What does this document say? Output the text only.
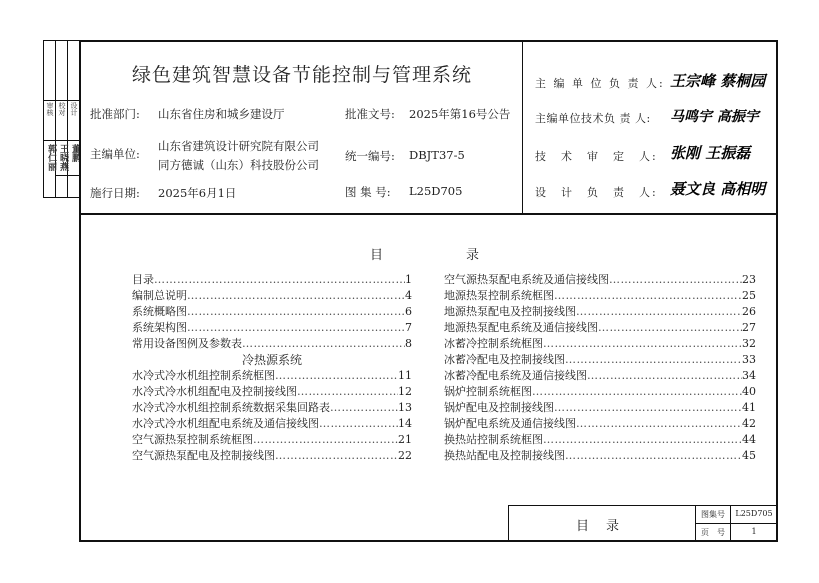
审核 校对 设计
郭仁丽 王晓燕 董鹏
绿色建筑智慧设备节能控制与管理系统
批准部门: 山东省住房和城乡建设厅	批准文号: 2025年第16号公告
主编单位:
山东省建筑设计研究院有限公司
同方德诚（山东）科技股份公司
统一编号: DBJT37-5
施行日期: 2025年6月1日	图 集 号: L25D705
主 编 单 位 负 责 人: 王宗峰 蔡桐园
主编单位技术负 责 人: 马鸣宇 高振宇
技　术　审　定　人: 张刚 王振磊
设　计　负　责　人: 聂文良 高相明
目	录
目录 ……………………………………………………………………………………………………	1
编制总说明 ……………………………………………………………………………………………………	4
系统概略图 ……………………………………………………………………………………………………	6
系统架构图 ……………………………………………………………………………………………………	7
常用设备图例及参数表 ……………………………………………………………………………………………………	8
冷热源系统
水冷式冷水机组控制系统框图 ……………………………………………………………………………………………………	11
水冷式冷水机组配电及控制接线图 ……………………………………………………………………………………………………	12
水冷式冷水机组控制系统数据采集回路表 ……………………………………………………………………………………………………	13
水冷式冷水机组配电系统及通信接线图 ……………………………………………………………………………………………………	14
空气源热泵控制系统框图 ……………………………………………………………………………………………………	21
空气源热泵配电及控制接线图 ……………………………………………………………………………………………………	22
空气源热泵配电系统及通信接线图 ……………………………………………………………………………………………………	23
地源热泵控制系统框图 ……………………………………………………………………………………………………	25
地源热泵配电及控制接线图 ……………………………………………………………………………………………………	26
地源热泵配电系统及通信接线图 ……………………………………………………………………………………………………	27
冰蓄冷控制系统框图 ……………………………………………………………………………………………………	32
冰蓄冷配电及控制接线图 ……………………………………………………………………………………………………	33
冰蓄冷配电系统及通信接线图 ……………………………………………………………………………………………………	34
锅炉控制系统框图 ……………………………………………………………………………………………………	40
锅炉配电及控制接线图 ……………………………………………………………………………………………………	41
锅炉配电系统及通信接线图 ……………………………………………………………………………………………………	42
换热站控制系统框图 ……………………………………………………………………………………………………	44
换热站配电及控制接线图 ……………………………………………………………………………………………………	45
目　录
图集号	L25D705
页　号	1
